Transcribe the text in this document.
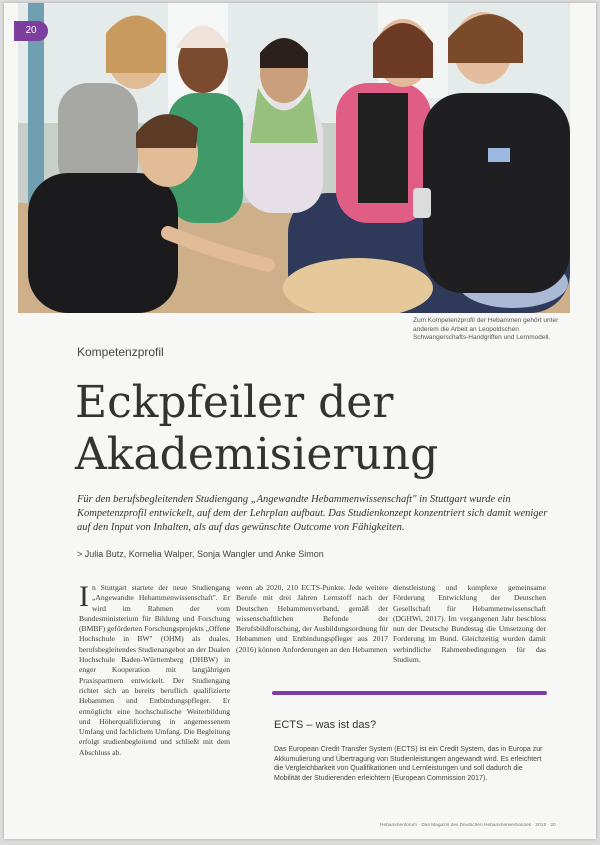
20
Zum Kompetenzprofil der Hebammen gehört unter anderem die Arbeit an Leopoldschen Schwangerschafts-Handgriffen und Lernmodell.
Kompetenzprofil
Eckpfeiler der Akademisierung
Für den berufsbegleitenden Studiengang „Angewandte Hebammenwissenschaft" in Stuttgart wurde ein Kompetenzprofil entwickelt, auf dem der Lehrplan aufbaut. Das Studienkonzept konzentriert sich damit weniger auf den Input von Inhalten, als auf das gewünschte Outcome von Fähigkeiten.
> Julia Butz, Kornelia Walper, Sonja Wangler und Anke Simon
In Stuttgart startete der neue Studiengang „Angewandte Hebammenwissenschaft". Er wird im Rahmen der vom Bundesministerium für Bildung und Forschung (BMBF) geförderten Forschungsprojekts „Offene Hochschule in BW" (OHM) als duales, berufsbegleitendes Studienangebot an der Dualen Hochschule Baden-Württemberg (DHBW) in enger Kooperation mit langjährigen Praxispartnern entwickelt. Der Studiengang richtet sich an bereits beruflich qualifizierte Hebammen und Entbindungspfleger. Er ermöglicht eine hochschulische Weiterbildung und Höherqualifizierung in angemessenem Umfang und fachlichem Umfang. Die Begleitung erfolgt studienbegleitend und schließt mit dem Abschluss ab.
wenn ab 2020, 210 ECTS-Punkte. Jede weitere Berufe mit drei Jahren Lernstoff nach der Deutschen Hebammenverband, gemäß der wissenschaftlichen Befunde der Berufsbildforschung, der Ausbildungsordnung für Hebammen und Entbindungspfleger aus 2017 (2016) können Anforderungen an den Hebammen
dienstleistung und komplexe gemeinsame Förderung Entwicklung der Deutschen Gesellschaft für Hebammenwissenschaft (DGHWi, 2017). Im vergangenen Jahr beschloss nun der Deutsche Bundestag die Umsetzung der Forderung im Bund. Gleichzeitig wurden damit verbindliche Rahmenbedingungen für das Studium.
ECTS – was ist das?
Das European Credit Transfer System (ECTS) ist ein Credit System, das in Europa zur Akkumulierung und Übertragung von Studienleistungen angewandt wird. Es erleichtert die Vergleichbarkeit von Qualifikationen und Lernleistungen und soll dadurch die Mobilität der Studierenden erleichtern (European Commission 2017).
Hebammenforum · Das Magazin des Deutschen Hebammenverbandes · 2018 · 20
